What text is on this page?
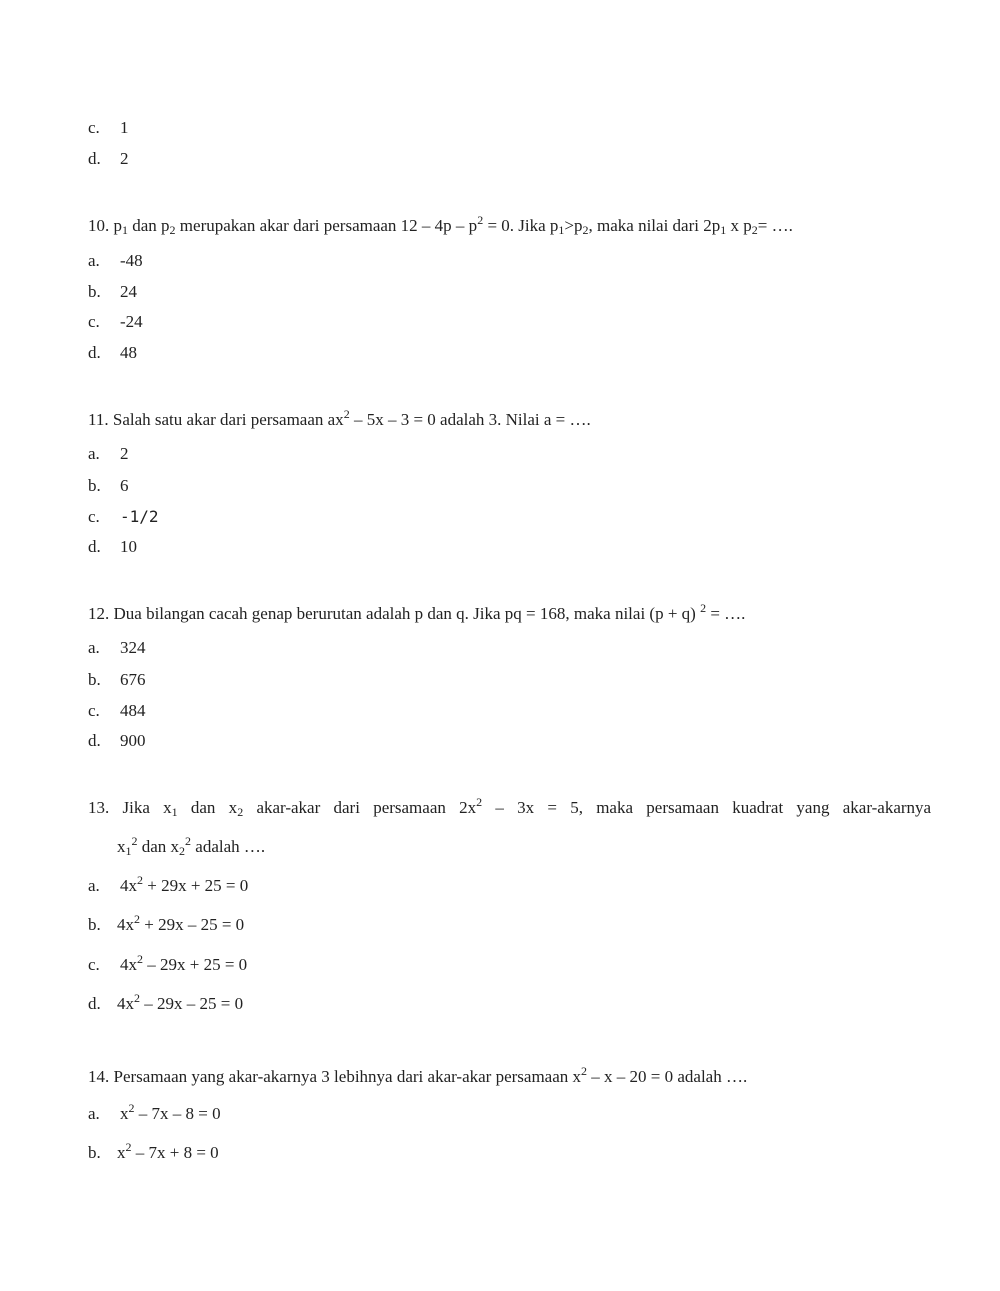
c. 1
d. 2
10. $p_1$ dan $p_2$ merupakan akar dari persamaan $12 - 4p - p^2 = 0$. Jika $p_1>p_2$, maka nilai dari $2p_1$ x $p_2=$ ….
a. -48
b. 24
c. -24
d. 48
11. Salah satu akar dari persamaan $ax^2 - 5x - 3 = 0$ adalah 3. Nilai a = ….
a. 2
b. 6
c. -1/2
d. 10
12. Dua bilangan cacah genap berurutan adalah p dan q. Jika pq = 168, maka nilai (p + q) $^2$ = ….
a. 324
b. 676
c. 484
d. 900
13. Jika $x_1$ dan $x_2$ akar-akar dari persamaan $2x^2 - 3x = 5$, maka persamaan kuadrat yang akar-akarnya
$x_1^2$ dan $x_2^2$ adalah ….
a. $4x^2 + 29x + 25 = 0$
b. $4x^2 + 29x - 25 = 0$
c. $4x^2 - 29x + 25 = 0$
d. $4x^2 - 29x - 25 = 0$
14. Persamaan yang akar-akarnya 3 lebihnya dari akar-akar persamaan $x^2 - x - 20 = 0$ adalah ….
a. $x^2 - 7x - 8 = 0$
b. $x^2 - 7x + 8 = 0$
